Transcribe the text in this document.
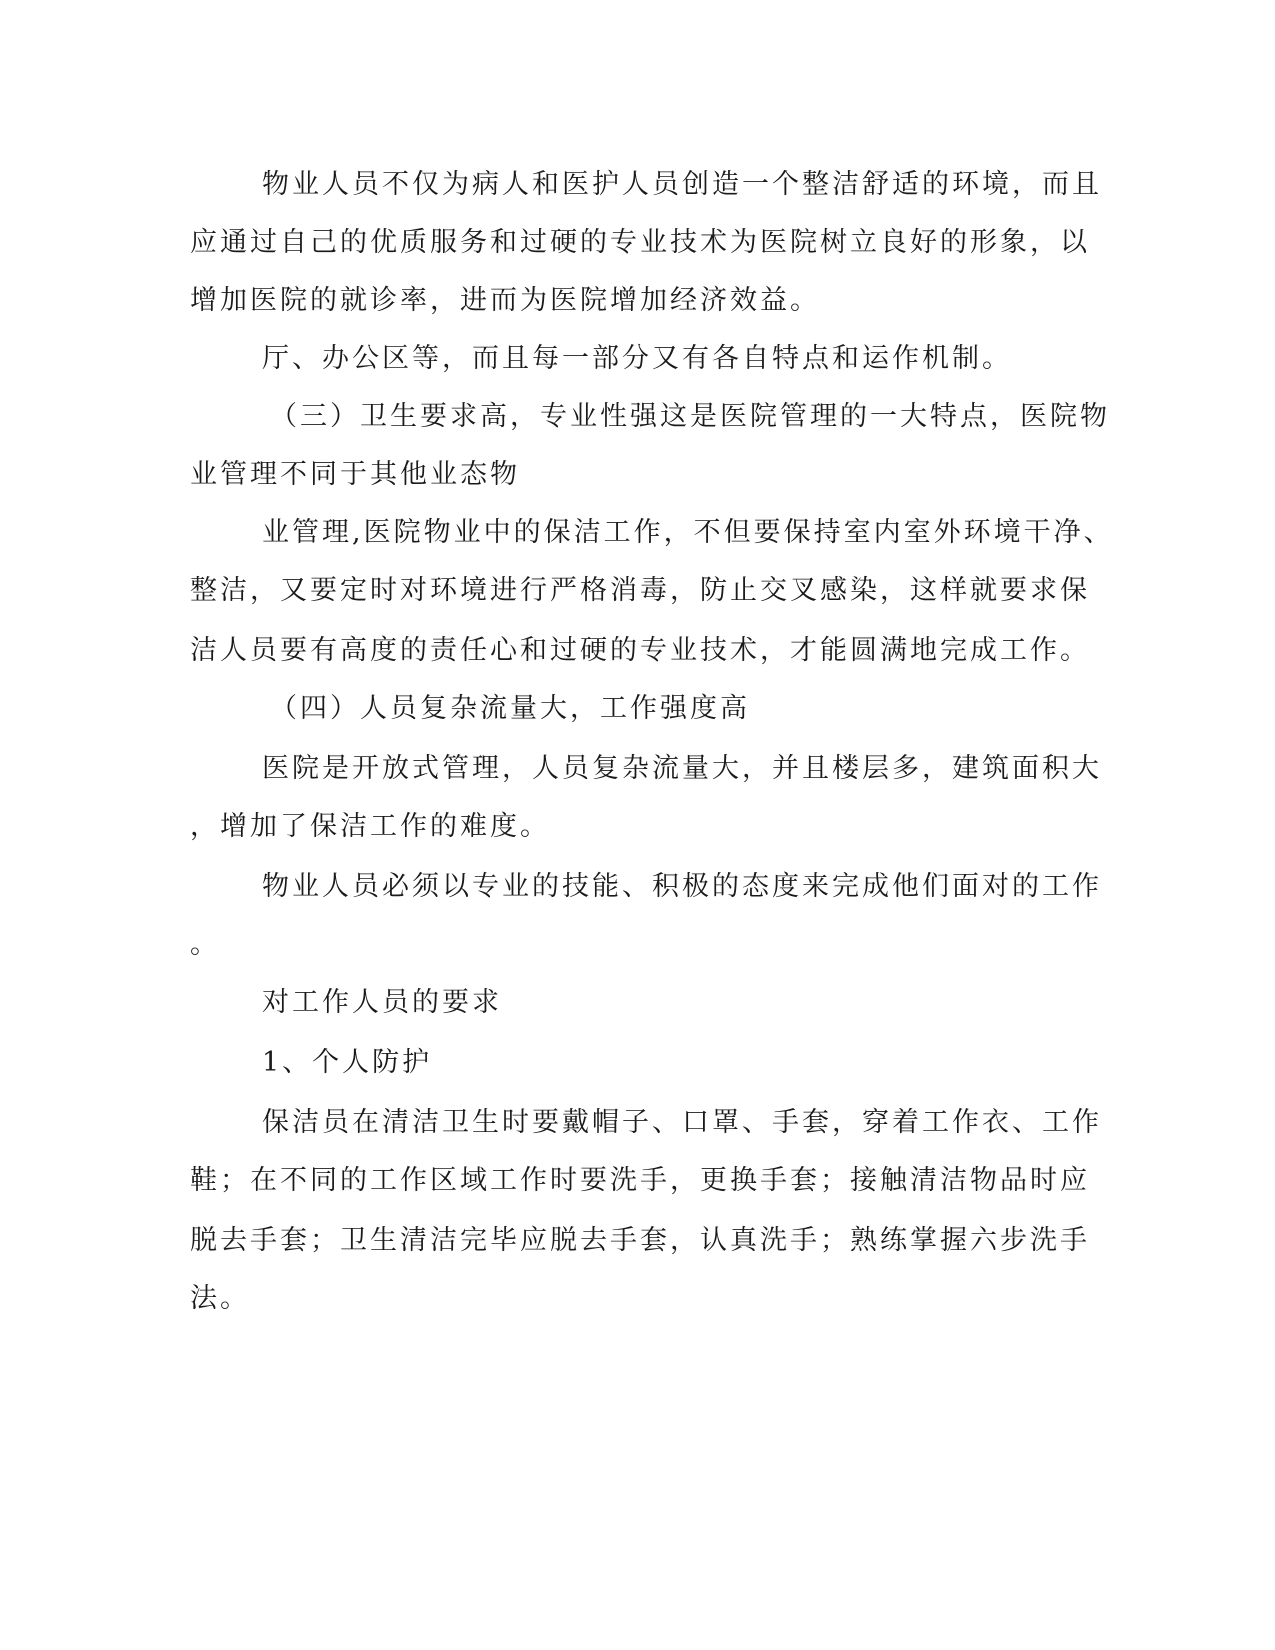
物业人员不仅为病人和医护人员创造一个整洁舒适的环境，而且
应通过自己的优质服务和过硬的专业技术为医院树立良好的形象，以
增加医院的就诊率，进而为医院增加经济效益。
厅、办公区等，而且每一部分又有各自特点和运作机制。
（三）卫生要求高，专业性强这是医院管理的一大特点，医院物
业管理不同于其他业态物
业管理,医院物业中的保洁工作，不但要保持室内室外环境干净、
整洁，又要定时对环境进行严格消毒，防止交叉感染，这样就要求保
洁人员要有高度的责任心和过硬的专业技术，才能圆满地完成工作。
（四）人员复杂流量大，工作强度高
医院是开放式管理，人员复杂流量大，并且楼层多，建筑面积大
，增加了保洁工作的难度。
物业人员必须以专业的技能、积极的态度来完成他们面对的工作
。
对工作人员的要求
1、个人防护
保洁员在清洁卫生时要戴帽子、口罩、手套，穿着工作衣、工作
鞋；在不同的工作区域工作时要洗手，更换手套；接触清洁物品时应
脱去手套；卫生清洁完毕应脱去手套，认真洗手；熟练掌握六步洗手
法。
